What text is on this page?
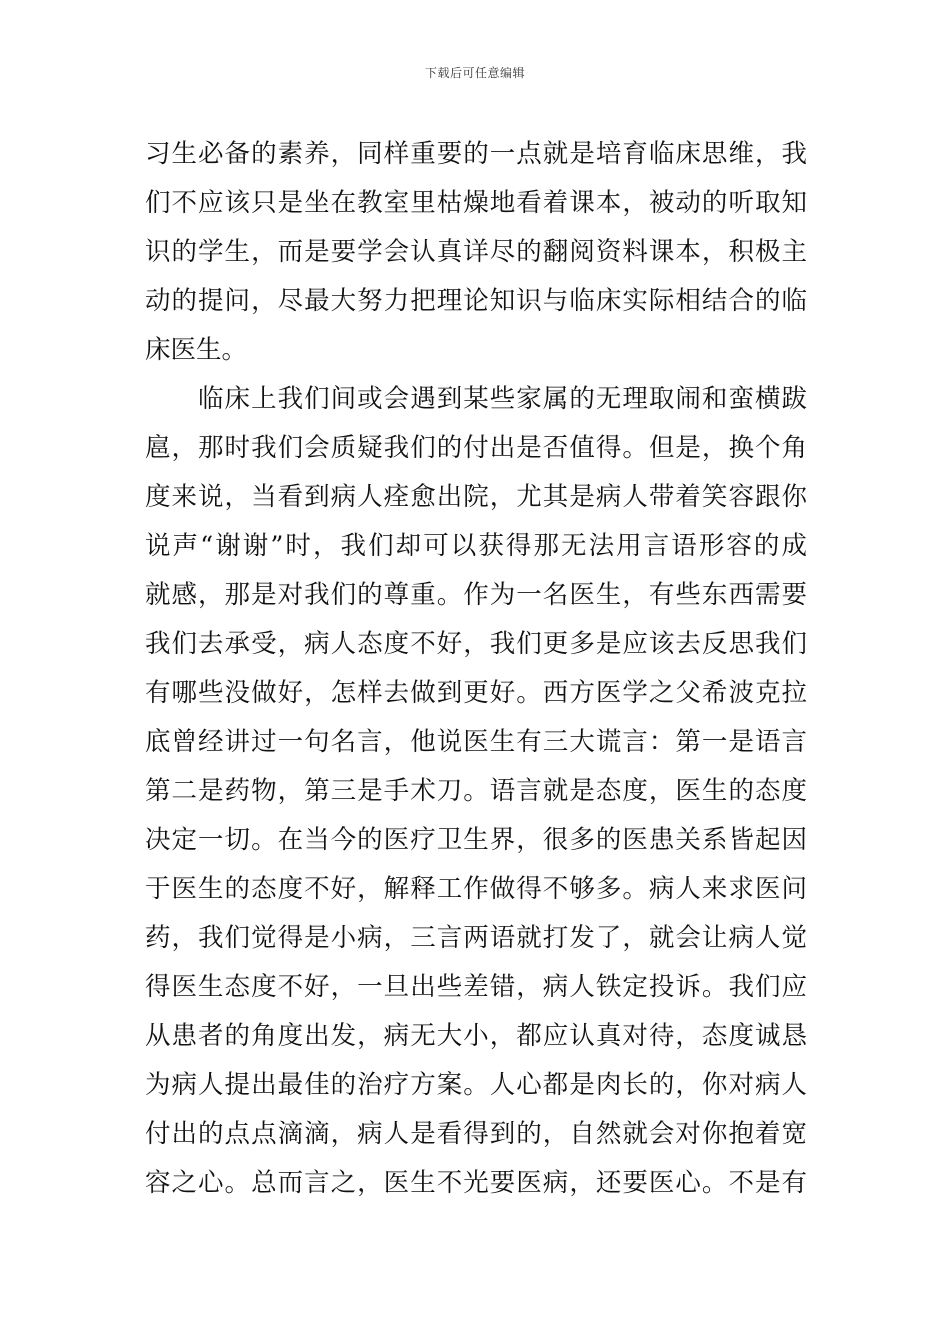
下载后可任意编辑
习生必备的素养，同样重要的一点就是培育临床思维，我
们不应该只是坐在教室里枯燥地看着课本，被动的听取知
识的学生，而是要学会认真详尽的翻阅资料课本，积极主
动的提问，尽最大努力把理论知识与临床实际相结合的临
床医生。
　　临床上我们间或会遇到某些家属的无理取闹和蛮横跋
扈，那时我们会质疑我们的付出是否值得。但是，换个角
度来说，当看到病人痊愈出院，尤其是病人带着笑容跟你
说声“谢谢”时，我们却可以获得那无法用言语形容的成
就感，那是对我们的尊重。作为一名医生，有些东西需要
我们去承受，病人态度不好，我们更多是应该去反思我们
有哪些没做好，怎样去做到更好。西方医学之父希波克拉
底曾经讲过一句名言，他说医生有三大谎言：第一是语言
第二是药物，第三是手术刀。语言就是态度，医生的态度
决定一切。在当今的医疗卫生界，很多的医患关系皆起因
于医生的态度不好，解释工作做得不够多。病人来求医问
药，我们觉得是小病，三言两语就打发了，就会让病人觉
得医生态度不好，一旦出些差错，病人铁定投诉。我们应
从患者的角度出发，病无大小，都应认真对待，态度诚恳
为病人提出最佳的治疗方案。人心都是肉长的，你对病人
付出的点点滴滴，病人是看得到的，自然就会对你抱着宽
容之心。总而言之，医生不光要医病，还要医心。不是有
